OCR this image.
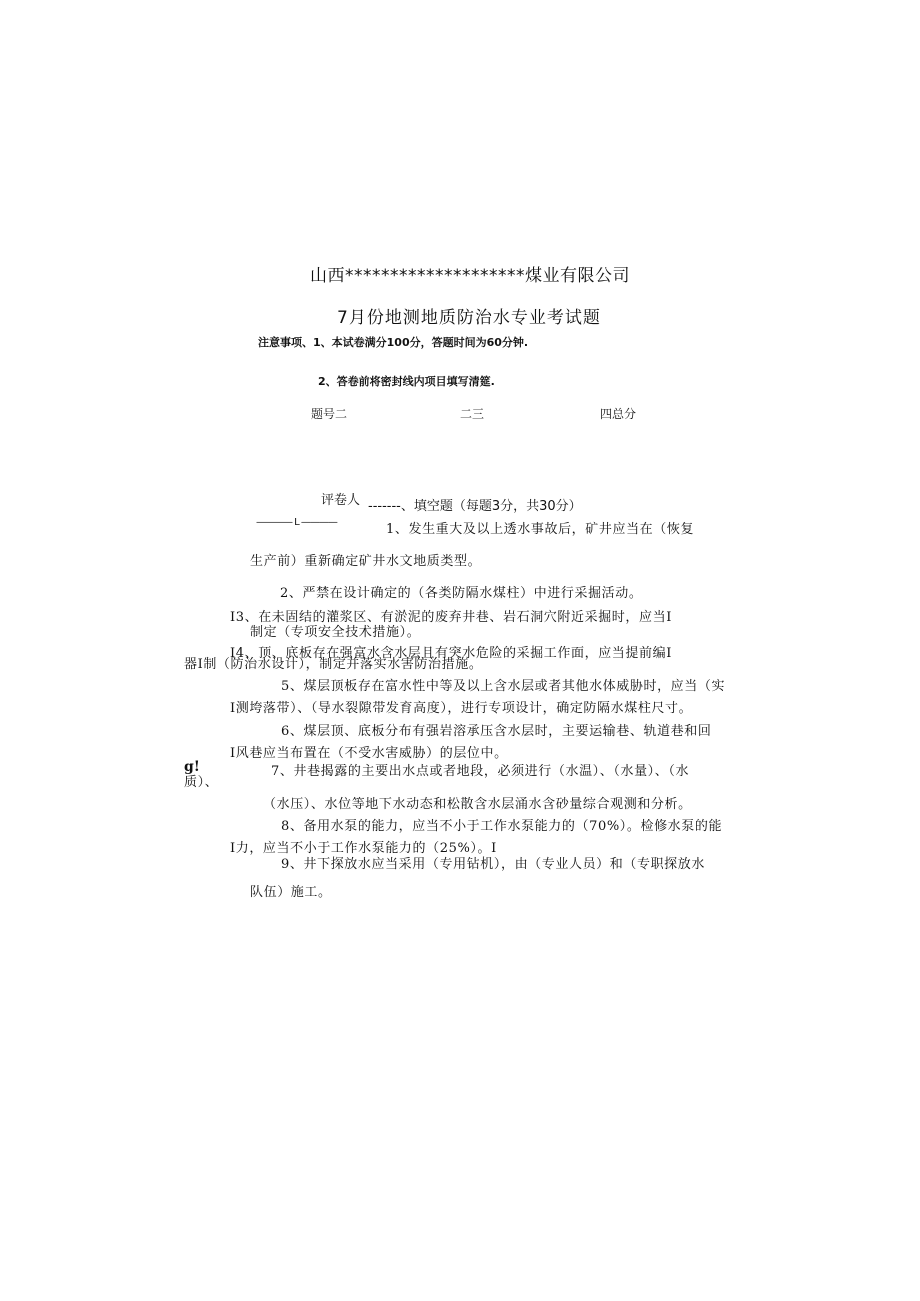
山西********************煤业有限公司
7月份地测地质防治水专业考试题
注意事项、1、本试卷满分100分，答题时间为60分钟.
2、答卷前将密封线内项目填写清筵.
题号二	二三	四总分
评卷人 -------、填空题（每题3分，共30分）
———— L ————	1、发生重大及以上透水事故后，矿井应当在（恢复
生产前）重新确定矿井水文地质类型。
2、严禁在设计确定的（各类防隔水煤柱）中进行采掘活动。
I3、在未固结的灌浆区、有淤泥的废弃井巷、岩石洞穴附近采掘时，应当I
制定（专项安全技术措施）。
I4、顶、底板存在强富水含水层且有突水危险的采掘工作面，应当提前编I
器I制（防治水设计），制定并落实水害防治措施。
5、煤层顶板存在富水性中等及以上含水层或者其他水体威胁时，应当（实
I测垮落带）、（导水裂隙带发育高度），进行专项设计，确定防隔水煤柱尺寸。
6、煤层顶、底板分布有强岩溶承压含水层时，主要运输巷、轨道巷和回
I风巷应当布置在（不受水害威胁）的层位中。
g!	7、井巷揭露的主要出水点或者地段，必须进行（水温）、（水量）、（水
质）、
（水压）、水位等地下水动态和松散含水层涌水含砂量综合观测和分析。
8、备用水泵的能力，应当不小于工作水泵能力的（70%）。检修水泵的能
I力，应当不小于工作水泵能力的（25%）。I
9、井下探放水应当采用（专用钻机），由（专业人员）和（专职探放水
队伍）施工。
